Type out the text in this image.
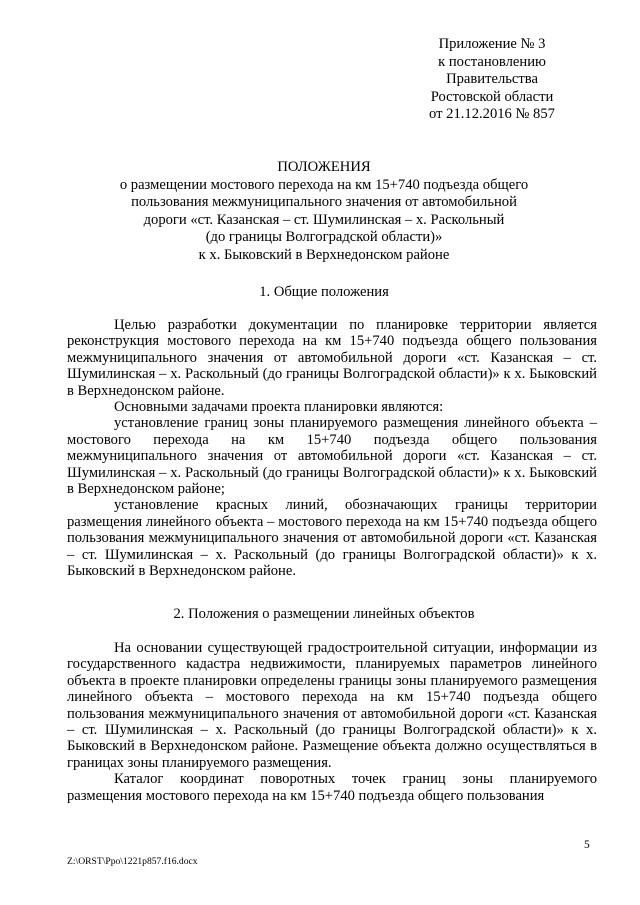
Приложение № 3
к постановлению
Правительства
Ростовской области
от 21.12.2016 № 857
ПОЛОЖЕНИЯ
о размещении мостового перехода на км 15+740 подъезда общего
пользования межмуниципального значения от автомобильной
дороги «ст. Казанская – ст. Шумилинская – х. Раскольный
(до границы Волгоградской области)»
к х. Быковский в Верхнедонском районе
1. Общие положения

Целью разработки документации по планировке территории является реконструкция мостового перехода на км 15+740 подъезда общего пользования межмуниципального значения от автомобильной дороги «ст. Казанская – ст. Шумилинская – х. Раскольный (до границы Волгоградской области)» к х. Быковский в Верхнедонском районе.

Основными задачами проекта планировки являются:

установление границ зоны планируемого размещения линейного объекта – мостового перехода на км 15+740 подъезда общего пользования межмуниципального значения от автомобильной дороги «ст. Казанская – ст. Шумилинская – х. Раскольный (до границы Волгоградской области)» к х. Быковский в Верхнедонском районе;

установление красных линий, обозначающих границы территории размещения линейного объекта – мостового перехода на км 15+740 подъезда общего пользования межмуниципального значения от автомобильной дороги «ст. Казанская – ст. Шумилинская – х. Раскольный (до границы Волгоградской области)» к х. Быковский в Верхнедонском районе.

2. Положения о размещении линейных объектов

На основании существующей градостроительной ситуации, информации из государственного кадастра недвижимости, планируемых параметров линейного объекта в проекте планировки определены границы зоны планируемого размещения линейного объекта – мостового перехода на км 15+740 подъезда общего пользования межмуниципального значения от автомобильной дороги «ст. Казанская – ст. Шумилинская – х. Раскольный (до границы Волгоградской области)» к х. Быковский в Верхнедонском районе. Размещение объекта должно осуществляться в границах зоны планируемого размещения.

Каталог координат поворотных точек границ зоны планируемого размещения мостового перехода на км 15+740 подъезда общего пользования

5
Z:\ORST\Ppo\1221p857.f16.docx
